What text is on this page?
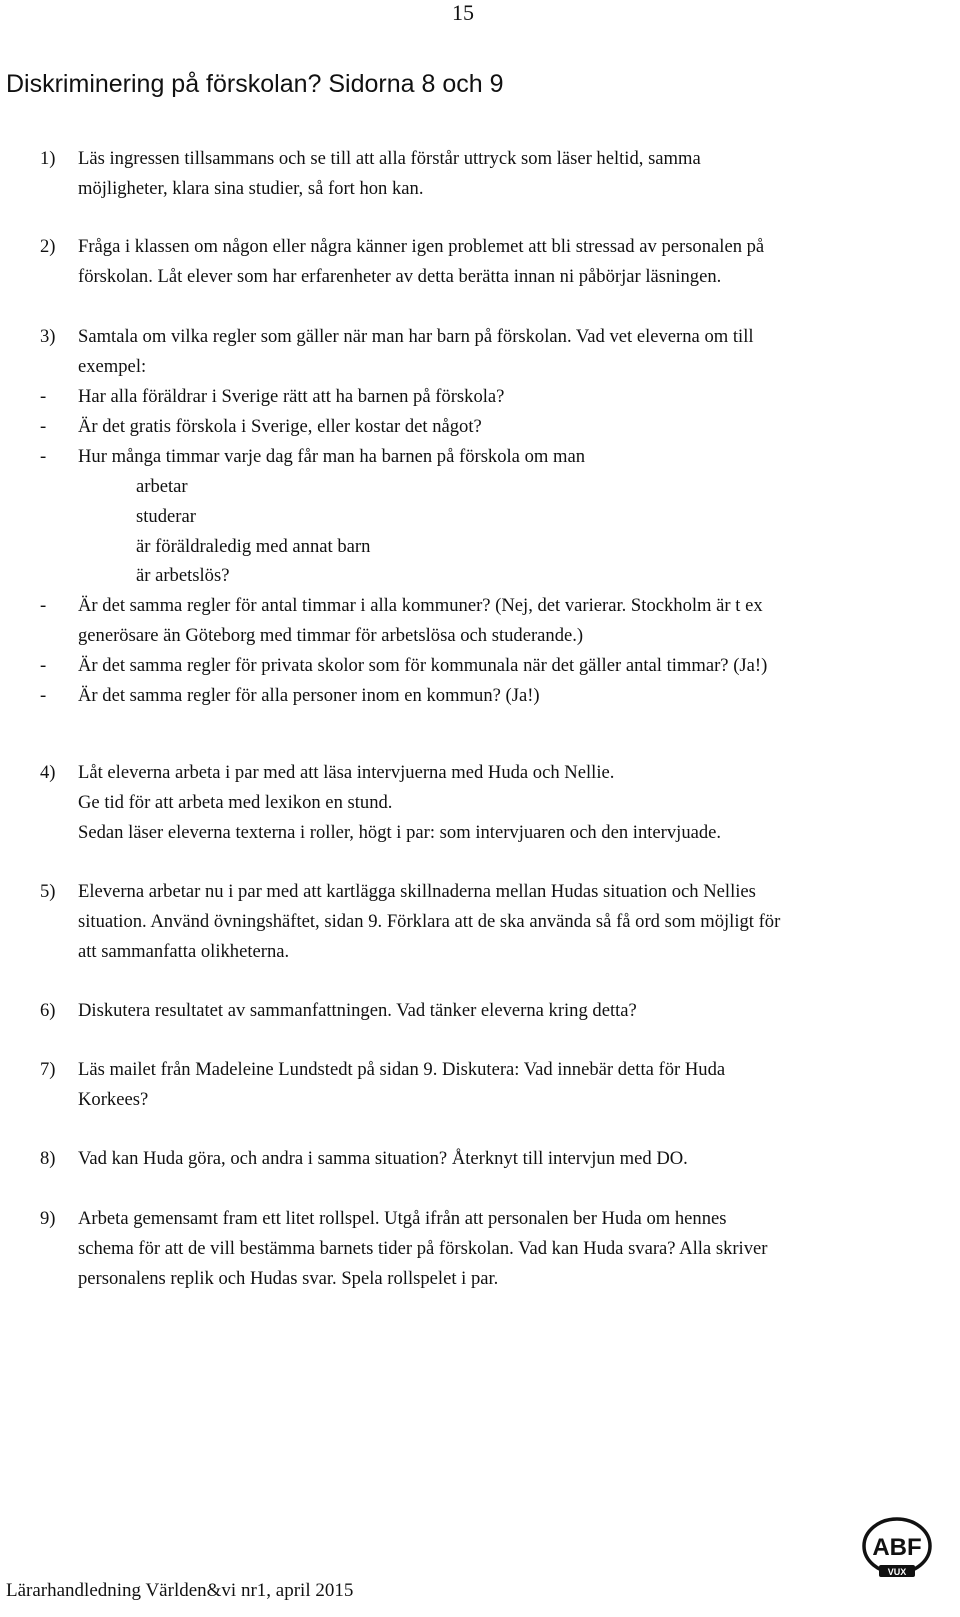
15
Diskriminering på förskolan? Sidorna 8 och 9
1) Läs ingressen tillsammans och se till att alla förstår uttryck som läser heltid, samma
möjligheter, klara sina studier, så fort hon kan.
2) Fråga i klassen om någon eller några känner igen problemet att bli stressad av personalen på
förskolan. Låt elever som har erfarenheter av detta berätta innan ni påbörjar läsningen.
3) Samtala om vilka regler som gäller när man har barn på förskolan. Vad vet eleverna om till
exempel:
- Har alla föräldrar i Sverige rätt att ha barnen på förskola?
- Är det gratis förskola i Sverige, eller kostar det något?
- Hur många timmar varje dag får man ha barnen på förskola om man
arbetar
studerar
är föräldraledig med annat barn
är arbetslös?
- Är det samma regler för antal timmar i alla kommuner? (Nej, det varierar. Stockholm är t ex
generösare än Göteborg med timmar för arbetslösa och studerande.)
- Är det samma regler för privata skolor som för kommunala när det gäller antal timmar? (Ja!)
- Är det samma regler för alla personer inom en kommun? (Ja!)
4) Låt eleverna arbeta i par med att läsa intervjuerna med Huda och Nellie.
Ge tid för att arbeta med lexikon en stund.
Sedan läser eleverna texterna i roller, högt i par: som intervjuaren och den intervjuade.
5) Eleverna arbetar nu i par med att kartlägga skillnaderna mellan Hudas situation och Nellies
situation. Använd övningshäftet, sidan 9. Förklara att de ska använda så få ord som möjligt för
att sammanfatta olikheterna.
6) Diskutera resultatet av sammanfattningen. Vad tänker eleverna kring detta?
7) Läs mailet från Madeleine Lundstedt på sidan 9. Diskutera: Vad innebär detta för Huda
Korkees?
8) Vad kan Huda göra, och andra i samma situation? Återknyt till intervjun med DO.
9) Arbeta gemensamt fram ett litet rollspel. Utgå ifrån att personalen ber Huda om hennes
schema för att de vill bestämma barnets tider på förskolan. Vad kan Huda svara? Alla skriver
personalens replik och Hudas svar. Spela rollspelet i par.
Lärarhandledning Världen&vi nr1, april 2015
ABF
VUX
